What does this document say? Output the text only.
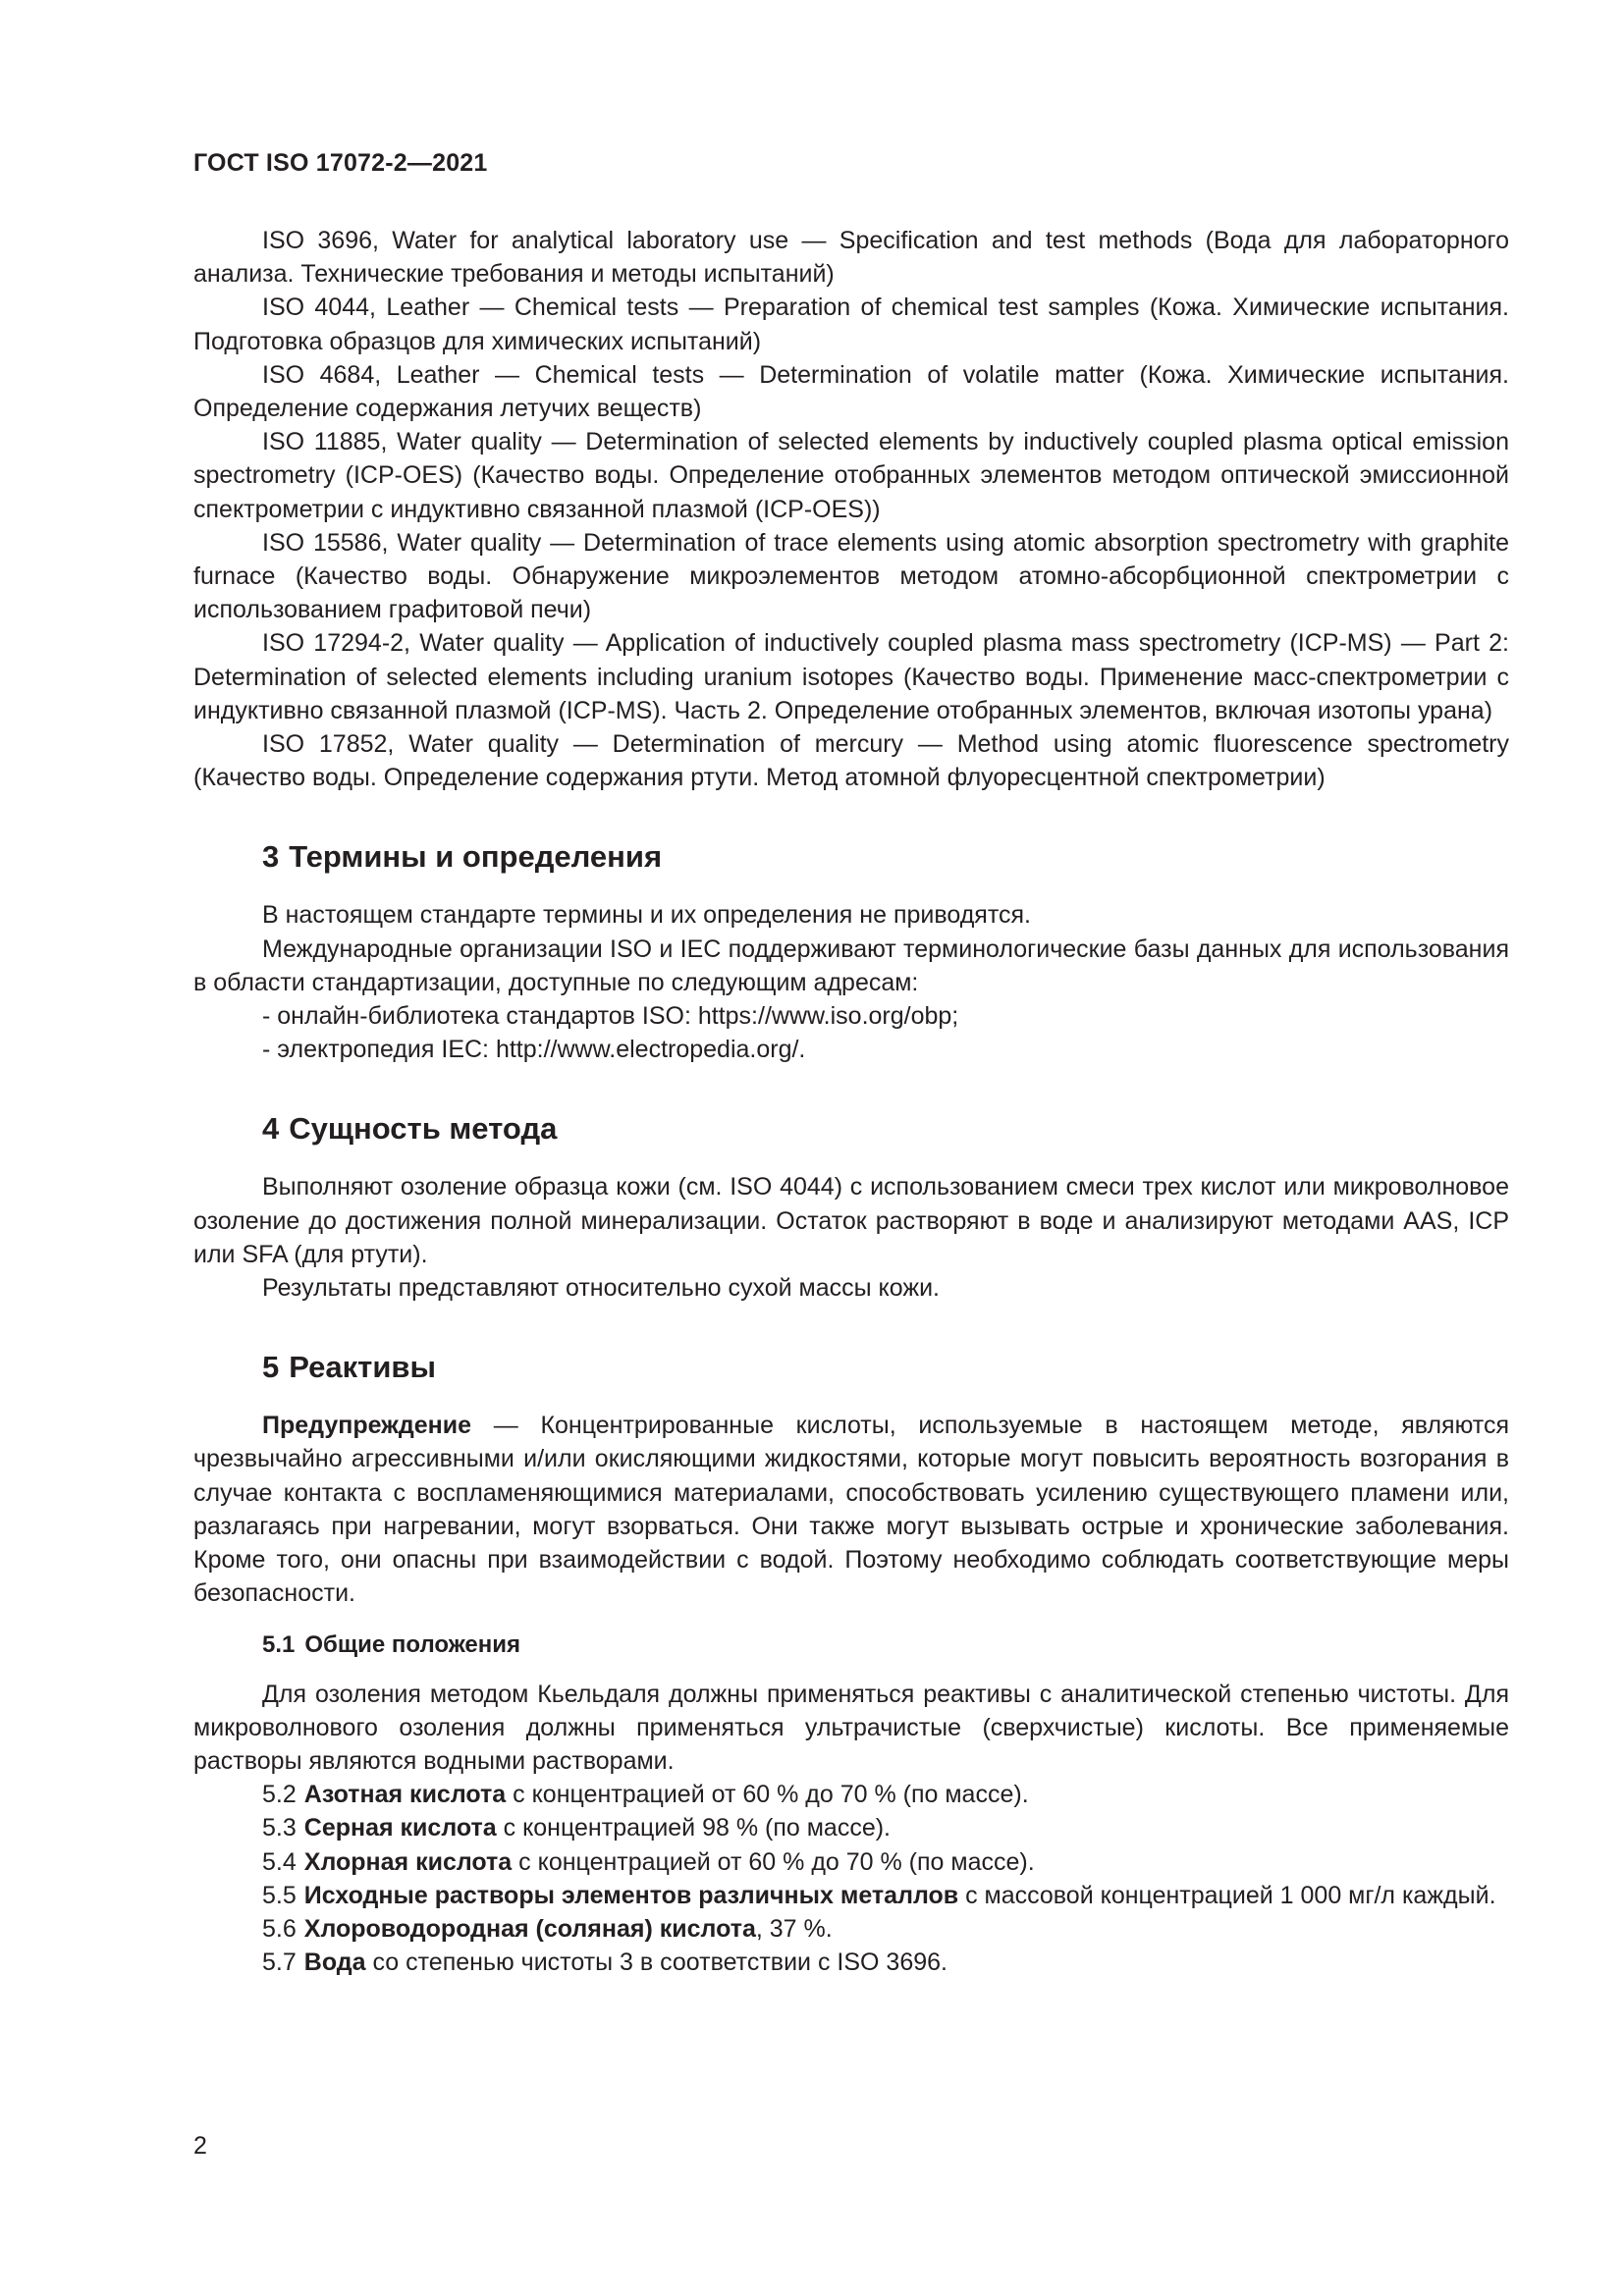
ГОСТ ISO 17072-2—2021

ISO 3696, Water for analytical laboratory use — Specification and test methods (Вода для лабораторного анализа. Технические требования и методы испытаний)

ISO 4044, Leather — Chemical tests — Preparation of chemical test samples (Кожа. Химические испытания. Подготовка образцов для химических испытаний)

ISO 4684, Leather — Chemical tests — Determination of volatile matter (Кожа. Химические испытания. Определение содержания летучих веществ)

ISO 11885, Water quality — Determination of selected elements by inductively coupled plasma optical emission spectrometry (ICP-OES) (Качество воды. Определение отобранных элементов методом оптической эмиссионной спектрометрии с индуктивно связанной плазмой (ICP-OES))

ISO 15586, Water quality — Determination of trace elements using atomic absorption spectrometry with graphite furnace (Качество воды. Обнаружение микроэлементов методом атомно-абсорбционной спектрометрии с использованием графитовой печи)

ISO 17294-2, Water quality — Application of inductively coupled plasma mass spectrometry (ICP-MS) — Part 2: Determination of selected elements including uranium isotopes (Качество воды. Применение масс-спектрометрии с индуктивно связанной плазмой (ICP-MS). Часть 2. Определение отобранных элементов, включая изотопы урана)

ISO 17852, Water quality — Determination of mercury — Method using atomic fluorescence spectrometry (Качество воды. Определение содержания ртути. Метод атомной флуоресцентной спектрометрии)

3 Термины и определения

В настоящем стандарте термины и их определения не приводятся.

Международные организации ISO и IEC поддерживают терминологические базы данных для использования в области стандартизации, доступные по следующим адресам:

- онлайн-библиотека стандартов ISO: https://www.iso.org/obp;

- электропедия IEC: http://www.electropedia.org/.

4 Сущность метода

Выполняют озоление образца кожи (см. ISO 4044) с использованием смеси трех кислот или микроволновое озоление до достижения полной минерализации. Остаток растворяют в воде и анализируют методами AAS, ICP или SFA (для ртути).

Результаты представляют относительно сухой массы кожи.

5 Реактивы

Предупреждение — Концентрированные кислоты, используемые в настоящем методе, являются чрезвычайно агрессивными и/или окисляющими жидкостями, которые могут повысить вероятность возгорания в случае контакта с воспламеняющимися материалами, способствовать усилению существующего пламени или, разлагаясь при нагревании, могут взорваться. Они также могут вызывать острые и хронические заболевания. Кроме того, они опасны при взаимодействии с водой. Поэтому необходимо соблюдать соответствующие меры безопасности.

5.1 Общие положения

Для озоления методом Кьельдаля должны применяться реактивы с аналитической степенью чистоты. Для микроволнового озоления должны применяться ультрачистые (сверхчистые) кислоты. Все применяемые растворы являются водными растворами.

5.2 Азотная кислота с концентрацией от 60 % до 70 % (по массе).

5.3 Серная кислота с концентрацией 98 % (по массе).

5.4 Хлорная кислота с концентрацией от 60 % до 70 % (по массе).

5.5 Исходные растворы элементов различных металлов с массовой концентрацией 1 000 мг/л каждый.

5.6 Хлороводородная (соляная) кислота, 37 %.

5.7 Вода со степенью чистоты 3 в соответствии с ISO 3696.

2
